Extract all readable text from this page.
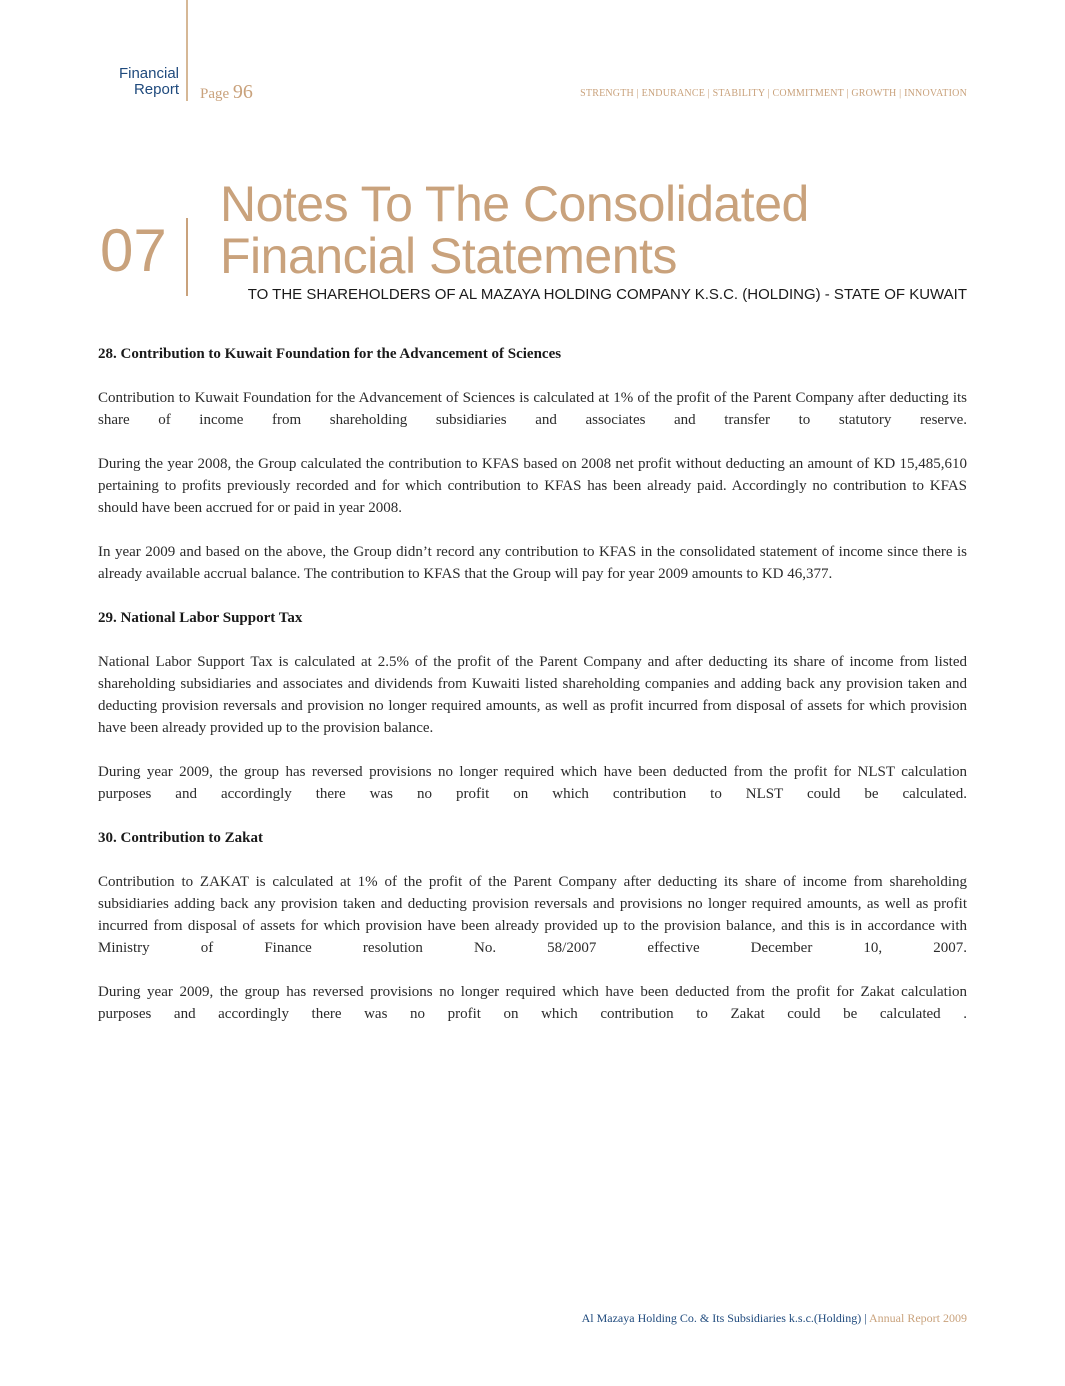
Financial
Report Page 96	STRENGTH | ENDURANCE | STABILITY | COMMITMENT | GROWTH | INNOVATION
07
Notes To The Consolidated
Financial Statements
TO THE SHAREHOLDERS OF AL MAZAYA HOLDING COMPANY K.S.C. (HOLDING) - STATE OF KUWAIT
28. Contribution to Kuwait Foundation for the Advancement of Sciences

Contribution to Kuwait Foundation for the Advancement of Sciences is calculated at 1% of the profit of the Parent Company after deducting its share of income from shareholding subsidiaries and associates and transfer to statutory reserve.

During the year 2008, the Group calculated the contribution to KFAS based on 2008 net profit without deducting an amount of KD 15,485,610 pertaining to profits previously recorded and for which contribution to KFAS has been already paid. Accordingly no contribution to KFAS should have been accrued for or paid in year 2008.

In year 2009 and based on the above, the Group didn’t record any contribution to KFAS in the consolidated statement of income since there is already available accrual balance. The contribution to KFAS that the Group will pay for year 2009 amounts to KD 46,377.

29. National Labor Support Tax

National Labor Support Tax is calculated at 2.5% of the profit of the Parent Company and after deducting its share of income from listed shareholding subsidiaries and associates and dividends from Kuwaiti listed shareholding companies and adding back any provision taken and deducting provision reversals and provision no longer required amounts, as well as profit incurred from disposal of assets for which provision have been already provided up to the provision balance.

During year 2009, the group has reversed provisions no longer required which have been deducted from the profit for NLST calculation purposes and accordingly there was no profit on which contribution to NLST could be calculated.

30. Contribution to Zakat

Contribution to ZAKAT is calculated at 1% of the profit of the Parent Company after deducting its share of income from shareholding subsidiaries adding back any provision taken and deducting provision reversals and provisions no longer required amounts, as well as profit incurred from disposal of assets for which provision have been already provided up to the provision balance, and this is in accordance with Ministry of Finance resolution No. 58/2007 effective December 10, 2007.

During year 2009, the group has reversed provisions no longer required which have been deducted from the profit for Zakat calculation purposes and accordingly there was no profit on which contribution to Zakat could be calculated .

Al Mazaya Holding Co. & Its Subsidiaries k.s.c.(Holding) | Annual Report 2009
